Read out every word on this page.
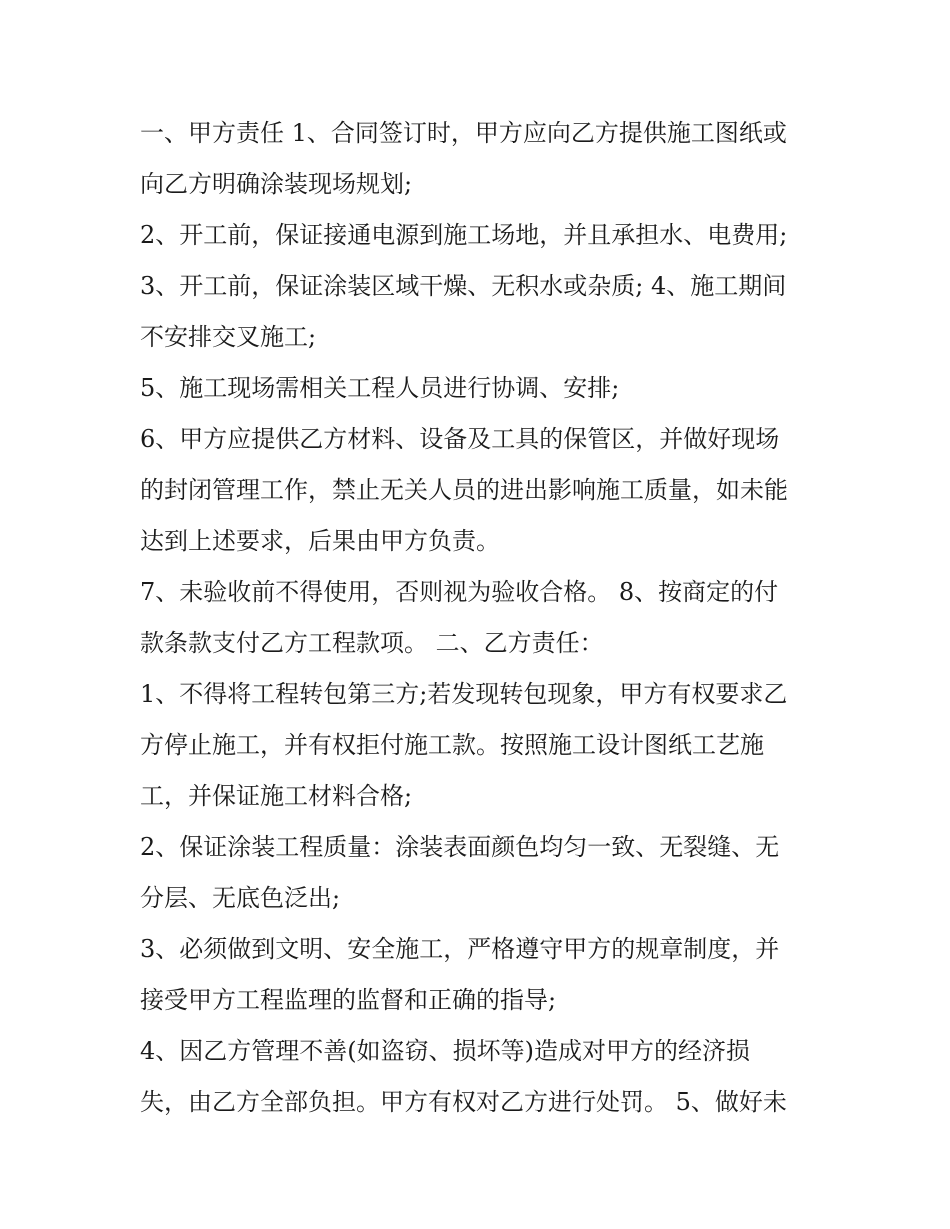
一、甲方责任 1、合同签订时，甲方应向乙方提供施工图纸或
向乙方明确涂装现场规划;
2、开工前，保证接通电源到施工场地，并且承担水、电费用;
3、开工前，保证涂装区域干燥、无积水或杂质; 4、施工期间
不安排交叉施工;
5、施工现场需相关工程人员进行协调、安排;
6、甲方应提供乙方材料、设备及工具的保管区，并做好现场
的封闭管理工作，禁止无关人员的进出影响施工质量，如未能
达到上述要求，后果由甲方负责。
7、未验收前不得使用，否则视为验收合格。 8、按商定的付
款条款支付乙方工程款项。 二、乙方责任：
1、不得将工程转包第三方;若发现转包现象，甲方有权要求乙
方停止施工，并有权拒付施工款。按照施工设计图纸工艺施
工，并保证施工材料合格;
2、保证涂装工程质量：涂装表面颜色均匀一致、无裂缝、无
分层、无底色泛出;
3、必须做到文明、安全施工，严格遵守甲方的规章制度，并
接受甲方工程监理的监督和正确的指导;
4、因乙方管理不善(如盗窃、损坏等)造成对甲方的经济损
失，由乙方全部负担。甲方有权对乙方进行处罚。 5、做好未
